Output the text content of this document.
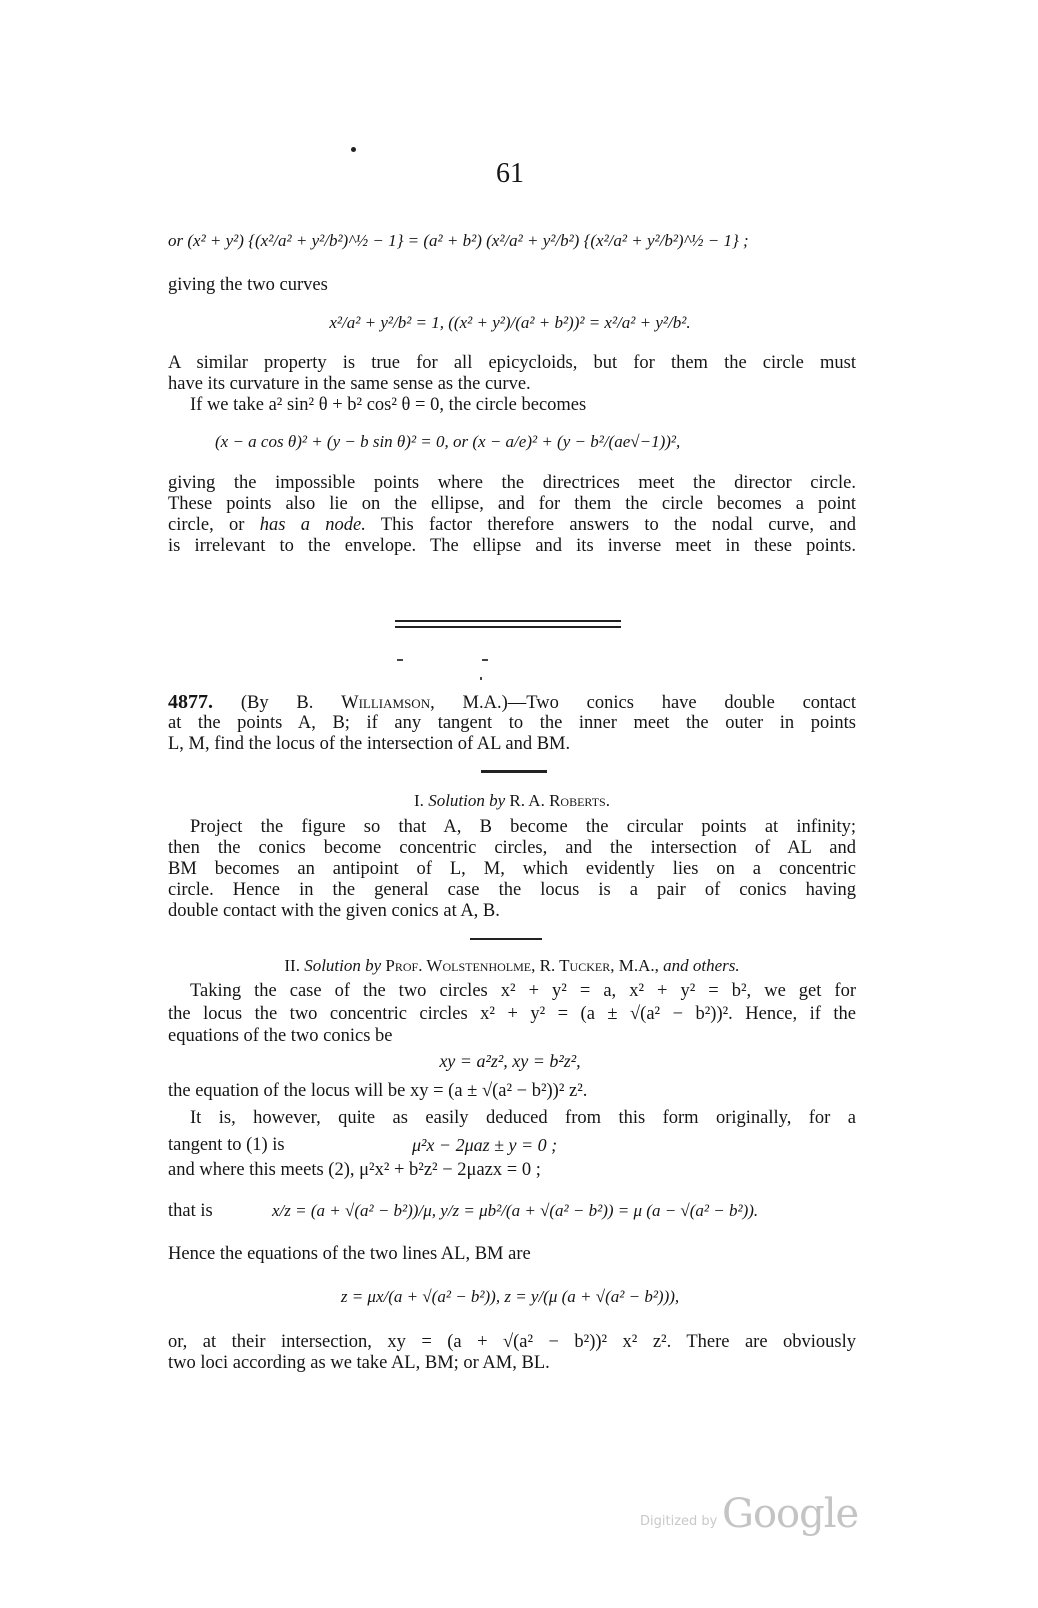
61
or (x² + y²) {(x²/a² + y²/b²)^½ − 1} = (a² + b²) (x²/a² + y²/b²) {(x²/a² + y²/b²)^½ − 1} ;
giving the two curves
x²/a² + y²/b² = 1, ((x² + y²)/(a² + b²))² = x²/a² + y²/b².
A similar property is true for all epicycloids, but for them the circle must
have its curvature in the same sense as the curve.
If we take a² sin² θ + b² cos² θ = 0, the circle becomes
(x − a cos θ)² + (y − b sin θ)² = 0, or (x − a/e)² + (y − b²/(ae√−1))²,
giving the impossible points where the directrices meet the director circle.
These points also lie on the ellipse, and for them the circle becomes a point
circle, or has a node. This factor therefore answers to the nodal curve, and
is irrelevant to the envelope. The ellipse and its inverse meet in these points.
4877. (By B. Williamson, M.A.)—Two conics have double contact
at the points A, B; if any tangent to the inner meet the outer in points
L, M, find the locus of the intersection of AL and BM.
I. Solution by R. A. Roberts.
Project the figure so that A, B become the circular points at infinity;
then the conics become concentric circles, and the intersection of AL and
BM becomes an antipoint of L, M, which evidently lies on a concentric
circle. Hence in the general case the locus is a pair of conics having
double contact with the given conics at A, B.
II. Solution by Prof. Wolstenholme, R. Tucker, M.A., and others.
Taking the case of the two circles x² + y² = a, x² + y² = b², we get for
the locus the two concentric circles x² + y² = (a ± √(a² − b²))². Hence, if the
equations of the two conics be
xy = a²z², xy = b²z²,
the equation of the locus will be xy = (a ± √(a² − b²))² z².
It is, however, quite as easily deduced from this form originally, for a
tangent to (1) is	μ²x − 2μaz ± y = 0 ;
and where this meets (2), μ²x² + b²z² − 2μazx = 0 ;
that is	x/z = (a + √(a² − b²))/μ, y/z = μb²/(a + √(a² − b²)) = μ (a − √(a² − b²)).
Hence the equations of the two lines AL, BM are
z = μx/(a + √(a² − b²)), z = y/(μ (a + √(a² − b²))),
or, at their intersection, xy = (a + √(a² − b²))² x² z². There are obviously
two loci according as we take AL, BM; or AM, BL.
Digitized by Google
